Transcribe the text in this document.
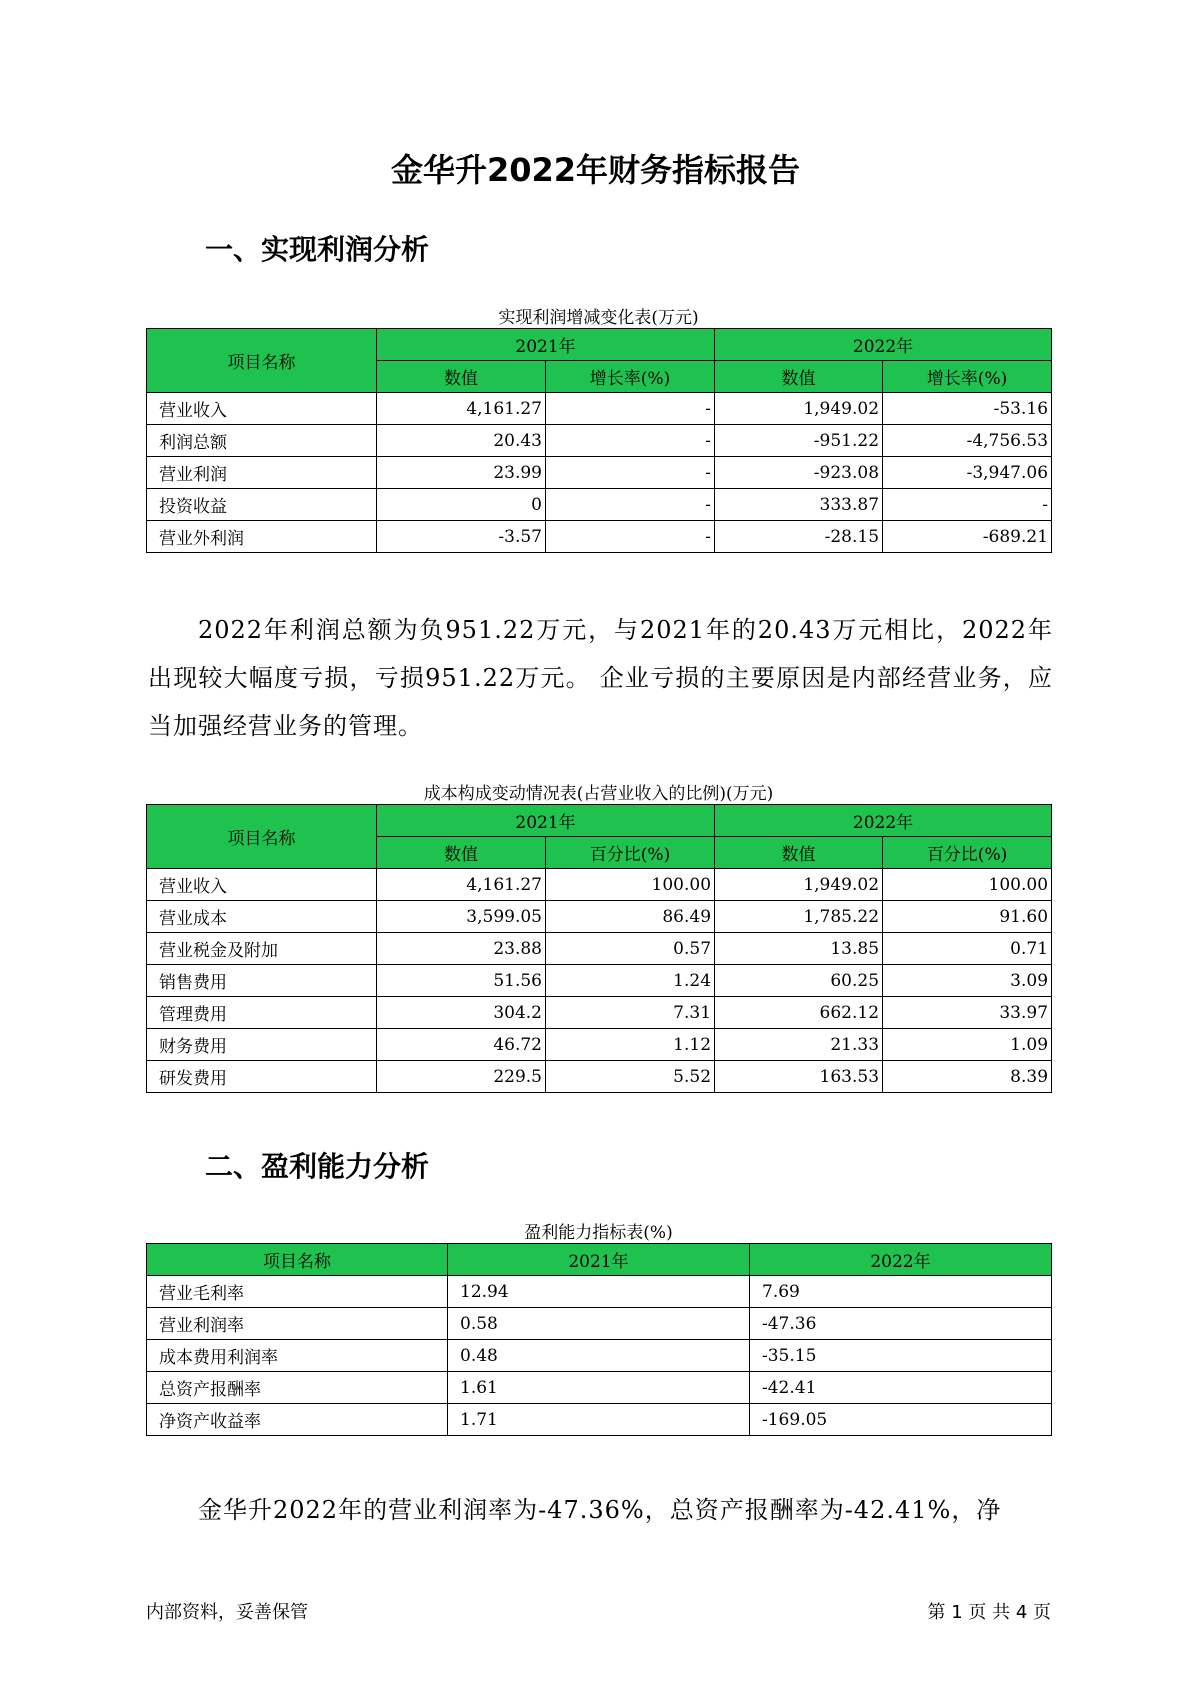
金华升2022年财务指标报告
一、实现利润分析
实现利润增减变化表(万元)
项目名称	2021年		2022年	
	数值	增长率(%)	数值	增长率(%)
营业收入	4,161.27	-	1,949.02	-53.16
利润总额	20.43	-	-951.22	-4,756.53
营业利润	23.99	-	-923.08	-3,947.06
投资收益	0	-	333.87	-
营业外利润	-3.57	-	-28.15	-689.21
2022年利润总额为负951.22万元，与2021年的20.43万元相比，2022年出现较大幅度亏损，亏损951.22万元。 企业亏损的主要原因是内部经营业务，应当加强经营业务的管理。
成本构成变动情况表(占营业收入的比例)(万元)
项目名称	2021年		2022年	
	数值	百分比(%)	数值	百分比(%)
营业收入	4,161.27	100.00	1,949.02	100.00
营业成本	3,599.05	86.49	1,785.22	91.60
营业税金及附加	23.88	0.57	13.85	0.71
销售费用	51.56	1.24	60.25	3.09
管理费用	304.2	7.31	662.12	33.97
财务费用	46.72	1.12	21.33	1.09
研发费用	229.5	5.52	163.53	8.39
二、盈利能力分析
盈利能力指标表(%)
项目名称	2021年	2022年
营业毛利率	12.94	7.69
营业利润率	0.58	-47.36
成本费用利润率	0.48	-35.15
总资产报酬率	1.61	-42.41
净资产收益率	1.71	-169.05
金华升2022年的营业利润率为-47.36%，总资产报酬率为-42.41%，净
内部资料，妥善保管	第 1 页 共 4 页
